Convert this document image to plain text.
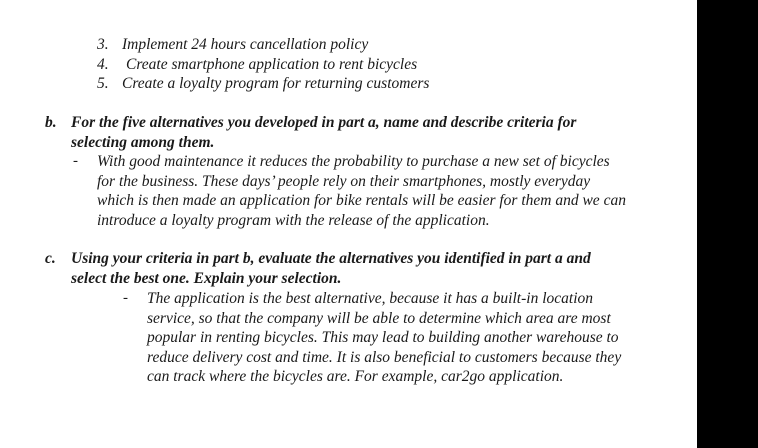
3. Implement 24 hours cancellation policy
4. Create smartphone application to rent bicycles
5. Create a loyalty program for returning customers
b. For the five alternatives you developed in part a, name and describe criteria for
selecting among them.
- With good maintenance it reduces the probability to purchase a new set of bicycles
for the business. These days’ people rely on their smartphones, mostly everyday
which is then made an application for bike rentals will be easier for them and we can
introduce a loyalty program with the release of the application.
c. Using your criteria in part b, evaluate the alternatives you identified in part a and
select the best one. Explain your selection.
- The application is the best alternative, because it has a built-in location
service, so that the company will be able to determine which area are most
popular in renting bicycles. This may lead to building another warehouse to
reduce delivery cost and time. It is also beneficial to customers because they
can track where the bicycles are. For example, car2go application.
